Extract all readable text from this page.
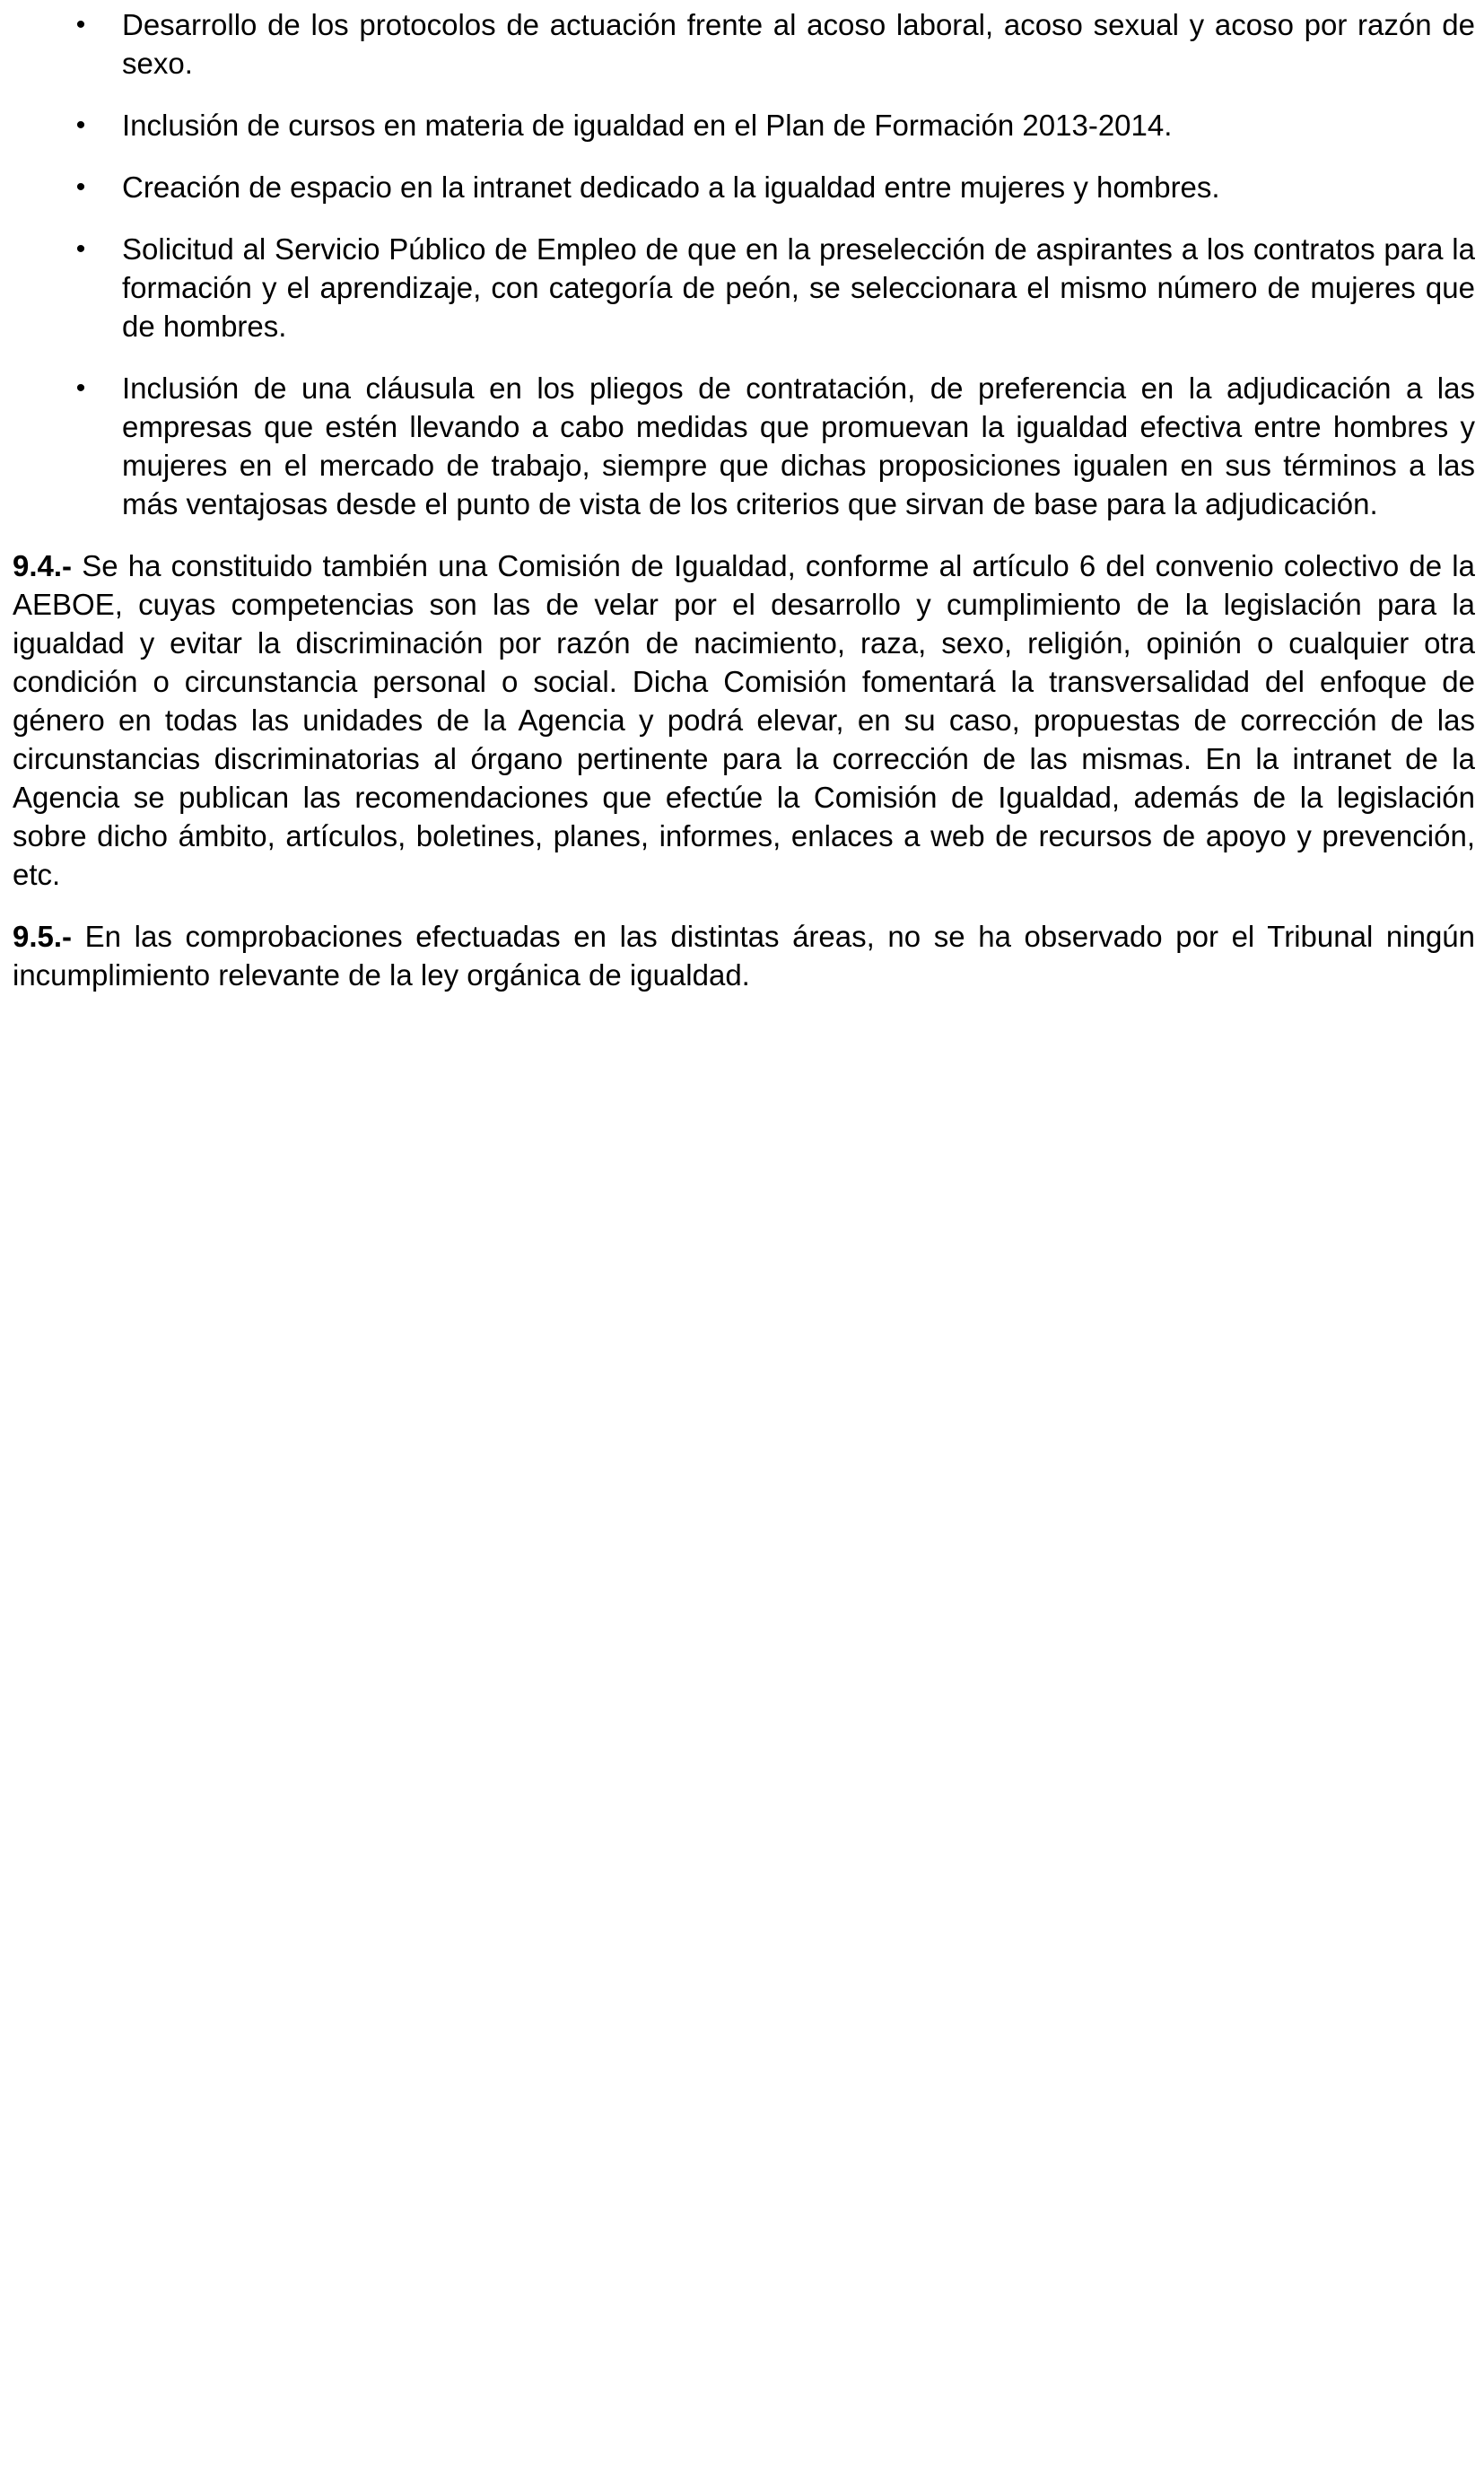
•	Desarrollo de los protocolos de actuación frente al acoso laboral, acoso sexual y acoso por razón de sexo.
•	Inclusión de cursos en materia de igualdad en el Plan de Formación 2013-2014.
•	Creación de espacio en la intranet dedicado a la igualdad entre mujeres y hombres.
•	Solicitud al Servicio Público de Empleo de que en la preselección de aspirantes a los contratos para la formación y el aprendizaje, con categoría de peón, se seleccionara el mismo número de mujeres que de hombres.
•	Inclusión de una cláusula en los pliegos de contratación, de preferencia en la adjudicación a las empresas que estén llevando a cabo medidas que promuevan la igualdad efectiva entre hombres y mujeres en el mercado de trabajo, siempre que dichas proposiciones igualen en sus términos a las más ventajosas desde el punto de vista de los criterios que sirvan de base para la adjudicación.

9.4.- Se ha constituido también una Comisión de Igualdad, conforme al artículo 6 del convenio colectivo de la AEBOE, cuyas competencias son las de velar por el desarrollo y cumplimiento de la legislación para la igualdad y evitar la discriminación por razón de nacimiento, raza, sexo, religión, opinión o cualquier otra condición o circunstancia personal o social. Dicha Comisión fomentará la transversalidad del enfoque de género en todas las unidades de la Agencia y podrá elevar, en su caso, propuestas de corrección de las circunstancias discriminatorias al órgano pertinente para la corrección de las mismas. En la intranet de la Agencia se publican las recomendaciones que efectúe la Comisión de Igualdad, además de la legislación sobre dicho ámbito, artículos, boletines, planes, informes, enlaces a web de recursos de apoyo y prevención, etc.

9.5.- En las comprobaciones efectuadas en las distintas áreas, no se ha observado por el Tribunal ningún incumplimiento relevante de la ley orgánica de igualdad.
